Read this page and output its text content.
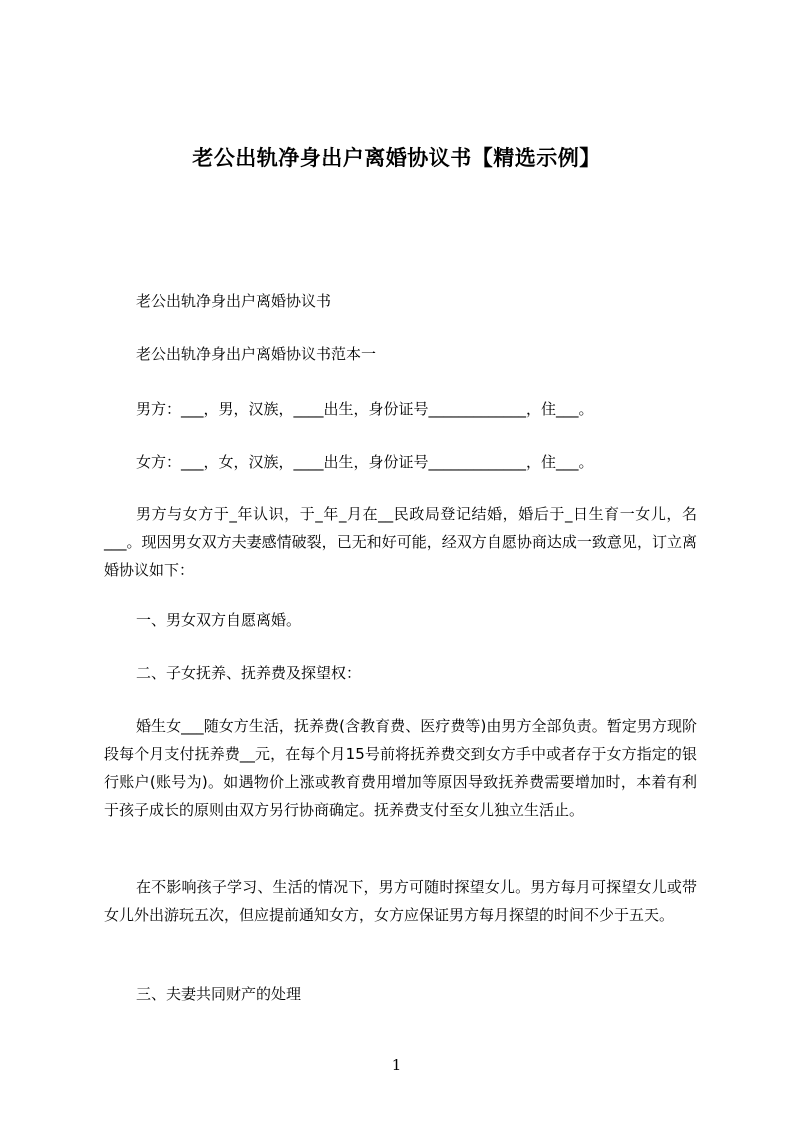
老公出轨净身出户离婚协议书【精选示例】
老公出轨净身出户离婚协议书
老公出轨净身出户离婚协议书范本一
男方：___，男，汉族，____出生，身份证号_____________，住___。
女方：___，女，汉族，____出生，身份证号_____________，住___。
男方与女方于_年认识，于_年_月在__民政局登记结婚，婚后于_日生育一女儿，名___。现因男女双方夫妻感情破裂，已无和好可能，经双方自愿协商达成一致意见，订立离婚协议如下：
一、男女双方自愿离婚。
二、子女抚养、抚养费及探望权：
婚生女___随女方生活，抚养费(含教育费、医疗费等)由男方全部负责。暂定男方现阶段每个月支付抚养费__元，在每个月15号前将抚养费交到女方手中或者存于女方指定的银行账户(账号为)。如遇物价上涨或教育费用增加等原因导致抚养费需要增加时，本着有利于孩子成长的原则由双方另行协商确定。抚养费支付至女儿独立生活止。
在不影响孩子学习、生活的情况下，男方可随时探望女儿。男方每月可探望女儿或带女儿外出游玩五次，但应提前通知女方，女方应保证男方每月探望的时间不少于五天。
三、夫妻共同财产的处理
1
